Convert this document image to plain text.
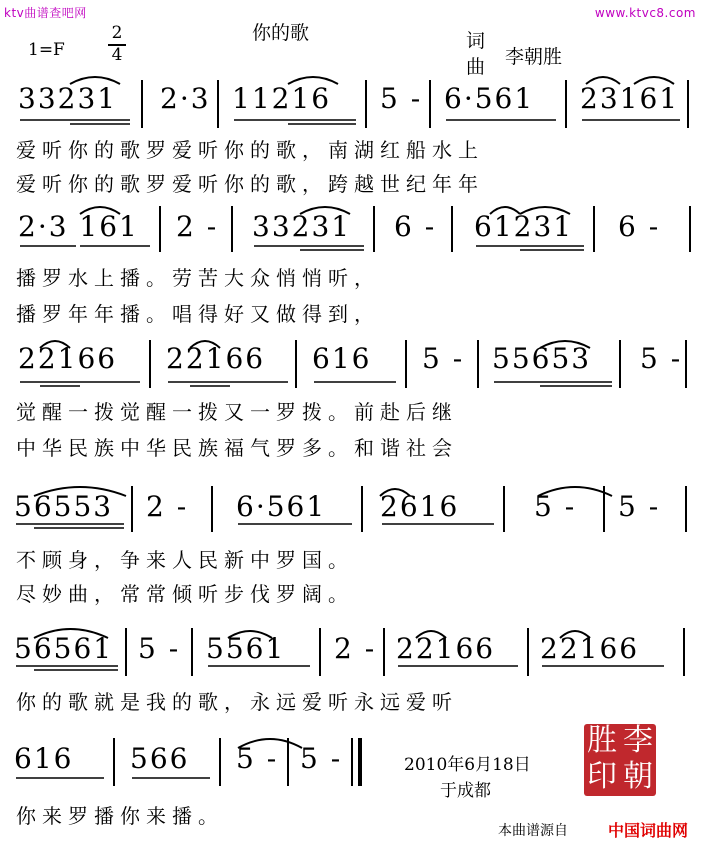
ktv曲谱查吧网	www.ktvc8.com
你的歌	词
曲 李朝胜
1=F
2
4
33231 2·3 11216 5 - 6·561 23161
爱听你的歌罗爱听你的歌，南湖红船水上
爱听你的歌罗爱听你的歌，跨越世纪年年
2·3 161 2 - 33231 6 - 61231 6 -
播罗水上播。劳苦大众悄悄听，
播罗年年播。唱得好又做得到，
22166 22166 616 5 - 55653 5 -
觉醒一拨觉醒一拨又一罗拨。前赴后继
中华民族中华民族福气罗多。和谐社会
56553 2 - 6·561 2616	5 - 5 -
不顾身，争来人民新中罗国。
尽妙曲，常常倾听步伐罗阔。
56561 5 - 5561 2 - 22166 22166
你的歌就是我的歌，永远爱听永远爱听
616 566 5 - 5 -
你来罗播你来播。
2010年6月18日
于成都
胜 李
印 朝
本曲谱源自	中国词曲网
